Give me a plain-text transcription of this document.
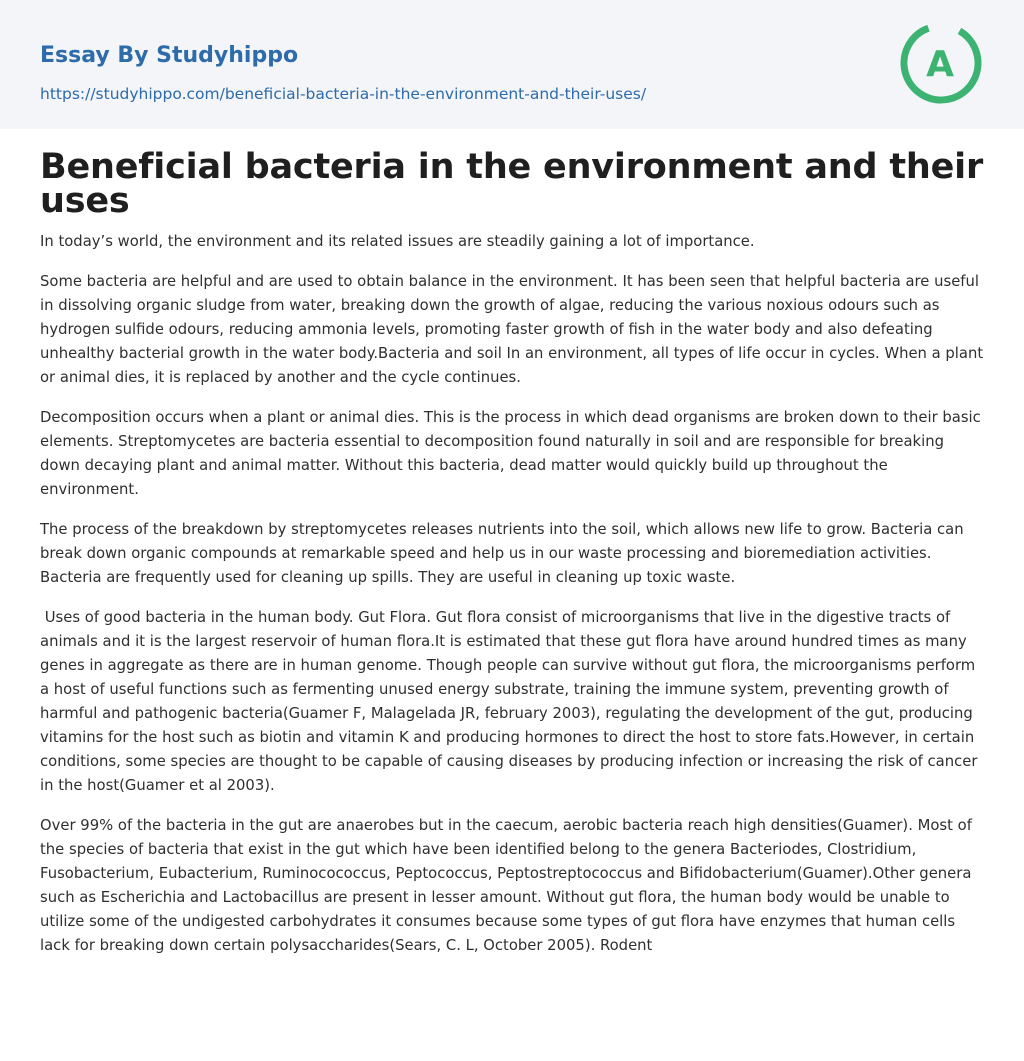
Essay By Studyhippo
https://studyhippo.com/beneficial-bacteria-in-the-environment-and-their-uses/
A
Beneficial bacteria in the environment and their uses

In today’s world, the environment and its related issues are steadily gaining a lot of importance.

Some bacteria are helpful and are used to obtain balance in the environment. It has been seen that helpful bacteria are useful in dissolving organic sludge from water, breaking down the growth of algae, reducing the various noxious odours such as hydrogen sulfide odours, reducing ammonia levels, promoting faster growth of fish in the water body and also defeating unhealthy bacterial growth in the water body.Bacteria and soil In an environment, all types of life occur in cycles. When a plant or animal dies, it is replaced by another and the cycle continues.

Decomposition occurs when a plant or animal dies. This is the process in which dead organisms are broken down to their basic elements. Streptomycetes are bacteria essential to decomposition found naturally in soil and are responsible for breaking down decaying plant and animal matter. Without this bacteria, dead matter would quickly build up throughout the environment.

The process of the breakdown by streptomycetes releases nutrients into the soil, which allows new life to grow. Bacteria can break down organic compounds at remarkable speed and help us in our waste processing and bioremediation activities. Bacteria are frequently used for cleaning up spills. They are useful in cleaning up toxic waste.

Uses of good bacteria in the human body. Gut Flora. Gut flora consist of microorganisms that live in the digestive tracts of animals and it is the largest reservoir of human flora.It is estimated that these gut flora have around hundred times as many genes in aggregate as there are in human genome. Though people can survive without gut flora, the microorganisms perform a host of useful functions such as fermenting unused energy substrate, training the immune system, preventing growth of harmful and pathogenic bacteria(Guamer F, Malagelada JR, february 2003), regulating the development of the gut, producing vitamins for the host such as biotin and vitamin K and producing hormones to direct the host to store fats.However, in certain conditions, some species are thought to be capable of causing diseases by producing infection or increasing the risk of cancer in the host(Guamer et al 2003).

Over 99% of the bacteria in the gut are anaerobes but in the caecum, aerobic bacteria reach high densities(Guamer). Most of the species of bacteria that exist in the gut which have been identified belong to the genera Bacteriodes, Clostridium, Fusobacterium, Eubacterium, Ruminocococcus, Peptococcus, Peptostreptococcus and Bifidobacterium(Guamer).Other genera such as Escherichia and Lactobacillus are present in lesser amount. Without gut flora, the human body would be unable to utilize some of the undigested carbohydrates it consumes because some types of gut flora have enzymes that human cells lack for breaking down certain polysaccharides(Sears, C. L, October 2005). Rodent
